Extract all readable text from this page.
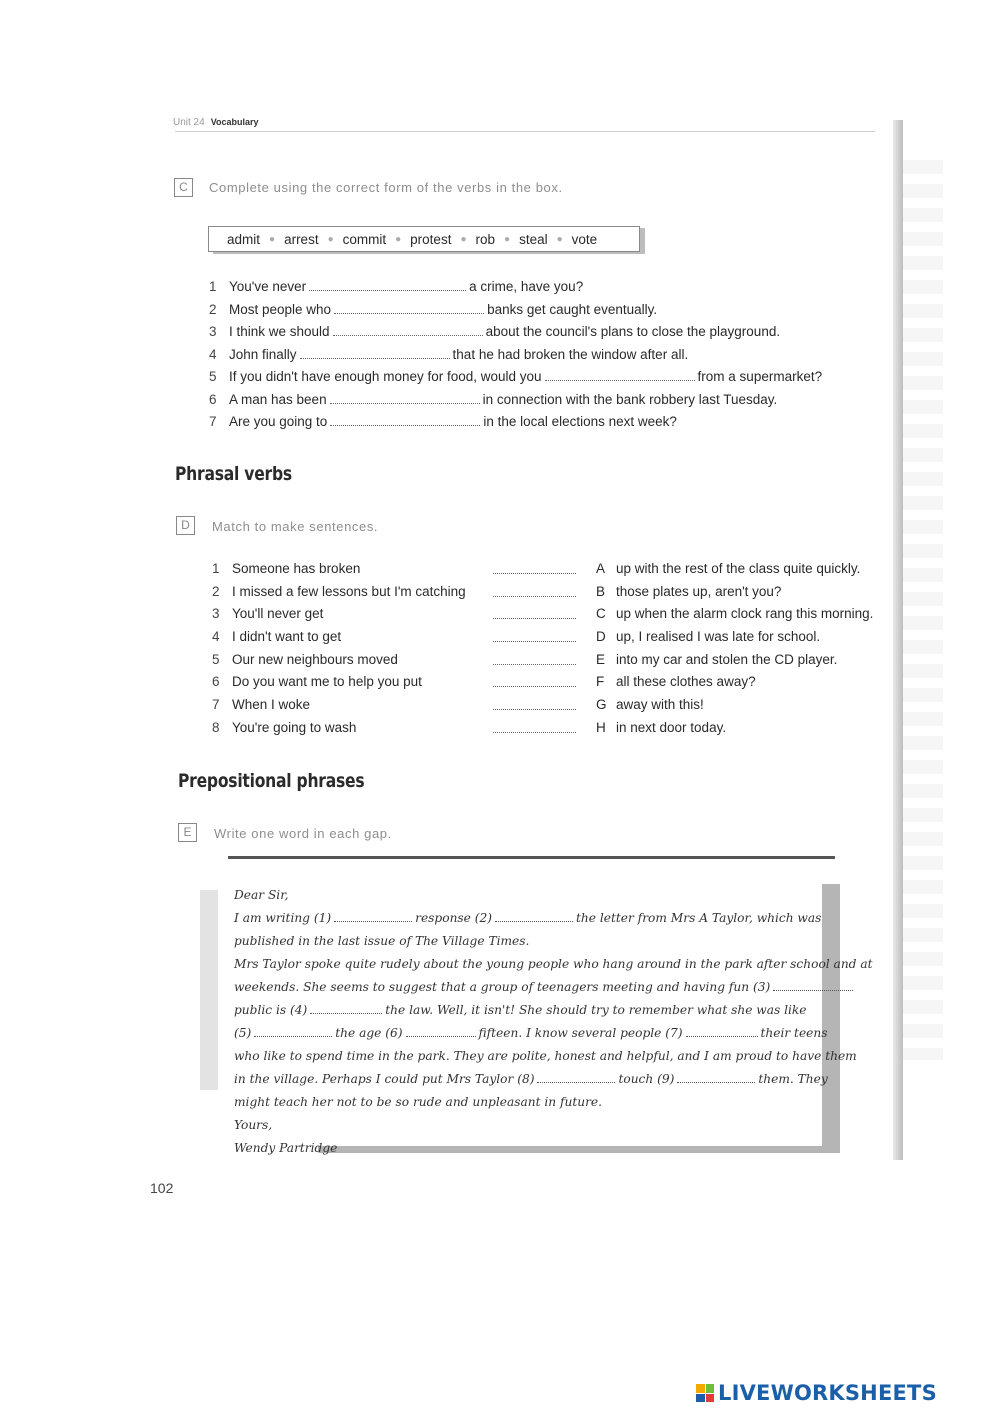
Unit 24 Vocabulary
C	Complete using the correct form of the verbs in the box.
admit ● arrest ● commit ● protest ● rob ● steal ● vote
1 You've never	a crime, have you?
2 Most people who	banks get caught eventually.
3 I think we should	about the council's plans to close the playground.
4 John finally	that he had broken the window after all.
5 If you didn't have enough money for food, would you	from a supermarket?
6 A man has been	in connection with the bank robbery last Tuesday.
7 Are you going to	in the local elections next week?
Phrasal verbs
D	Match to make sentences.
1 Someone has broken	A up with the rest of the class quite quickly.
2 I missed a few lessons but I'm catching	B those plates up, aren't you?
3 You'll never get	C up when the alarm clock rang this morning.
4 I didn't want to get	D up, I realised I was late for school.
5 Our new neighbours moved	E into my car and stolen the CD player.
6 Do you want me to help you put	F all these clothes away?
7 When I woke	G away with this!
8 You're going to wash	H in next door today.
Prepositional phrases
E	Write one word in each gap.
Dear Sir,
I am writing (1)	response (2)	the letter from Mrs A Taylor, which was
published in the last issue of The Village Times.
Mrs Taylor spoke quite rudely about the young people who hang around in the park after school and at
weekends. She seems to suggest that a group of teenagers meeting and having fun (3)
public is (4)	the law. Well, it isn't! She should try to remember what she was like
(5)	the age (6)	fifteen. I know several people (7)	their teens
who like to spend time in the park. They are polite, honest and helpful, and I am proud to have them
in the village. Perhaps I could put Mrs Taylor (8)	touch (9)	them. They
might teach her not to be so rude and unpleasant in future.
Yours,
Wendy Partridge
102
LIVEWORKSHEETS
